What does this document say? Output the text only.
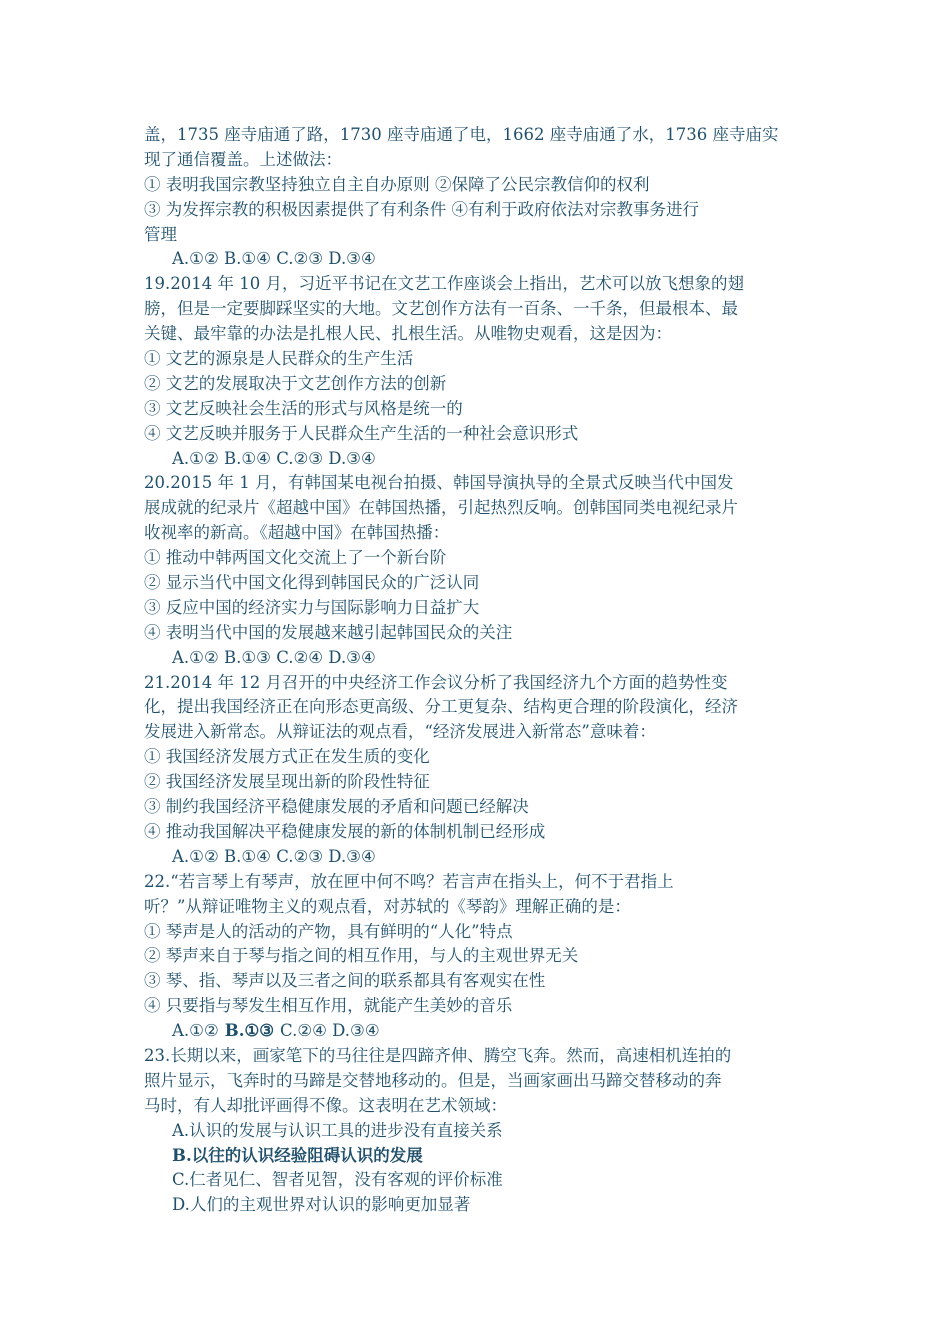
盖，1735 座寺庙通了路，1730 座寺庙通了电，1662 座寺庙通了水，1736 座寺庙实
现了通信覆盖。上述做法：
① 表明我国宗教坚持独立自主自办原则 ②保障了公民宗教信仰的权利
③ 为发挥宗教的积极因素提供了有利条件 ④有利于政府依法对宗教事务进行
管理
A.①② B.①④ C.②③ D.③④
19.2014 年 10 月，习近平书记在文艺工作座谈会上指出，艺术可以放飞想象的翅
膀，但是一定要脚踩坚实的大地。文艺创作方法有一百条、一千条，但最根本、最
关键、最牢靠的办法是扎根人民、扎根生活。从唯物史观看，这是因为：
① 文艺的源泉是人民群众的生产生活
② 文艺的发展取决于文艺创作方法的创新
③ 文艺反映社会生活的形式与风格是统一的
④ 文艺反映并服务于人民群众生产生活的一种社会意识形式
A.①② B.①④ C.②③ D.③④
20.2015 年 1 月，有韩国某电视台拍摄、韩国导演执导的全景式反映当代中国发
展成就的纪录片《超越中国》在韩国热播，引起热烈反响。创韩国同类电视纪录片
收视率的新高。《超越中国》在韩国热播：
① 推动中韩两国文化交流上了一个新台阶
② 显示当代中国文化得到韩国民众的广泛认同
③ 反应中国的经济实力与国际影响力日益扩大
④ 表明当代中国的发展越来越引起韩国民众的关注
A.①② B.①③ C.②④ D.③④
21.2014 年 12 月召开的中央经济工作会议分析了我国经济九个方面的趋势性变
化，提出我国经济正在向形态更高级、分工更复杂、结构更合理的阶段演化，经济
发展进入新常态。从辩证法的观点看，“经济发展进入新常态”意味着：
① 我国经济发展方式正在发生质的变化
② 我国经济发展呈现出新的阶段性特征
③ 制约我国经济平稳健康发展的矛盾和问题已经解决
④ 推动我国解决平稳健康发展的新的体制机制已经形成
A.①② B.①④ C.②③ D.③④
22.“若言琴上有琴声，放在匣中何不鸣？若言声在指头上，何不于君指上
听？”从辩证唯物主义的观点看，对苏轼的《琴韵》理解正确的是：
① 琴声是人的活动的产物，具有鲜明的“人化”特点
② 琴声来自于琴与指之间的相互作用，与人的主观世界无关
③ 琴、指、琴声以及三者之间的联系都具有客观实在性
④ 只要指与琴发生相互作用，就能产生美妙的音乐
A.①② B.①③ C.②④ D.③④
23.长期以来，画家笔下的马往往是四蹄齐伸、腾空飞奔。然而，高速相机连拍的
照片显示，飞奔时的马蹄是交替地移动的。但是，当画家画出马蹄交替移动的奔
马时，有人却批评画得不像。这表明在艺术领域：
A.认识的发展与认识工具的进步没有直接关系
B.以往的认识经验阻碍认识的发展
C.仁者见仁、智者见智，没有客观的评价标准
D.人们的主观世界对认识的影响更加显著
